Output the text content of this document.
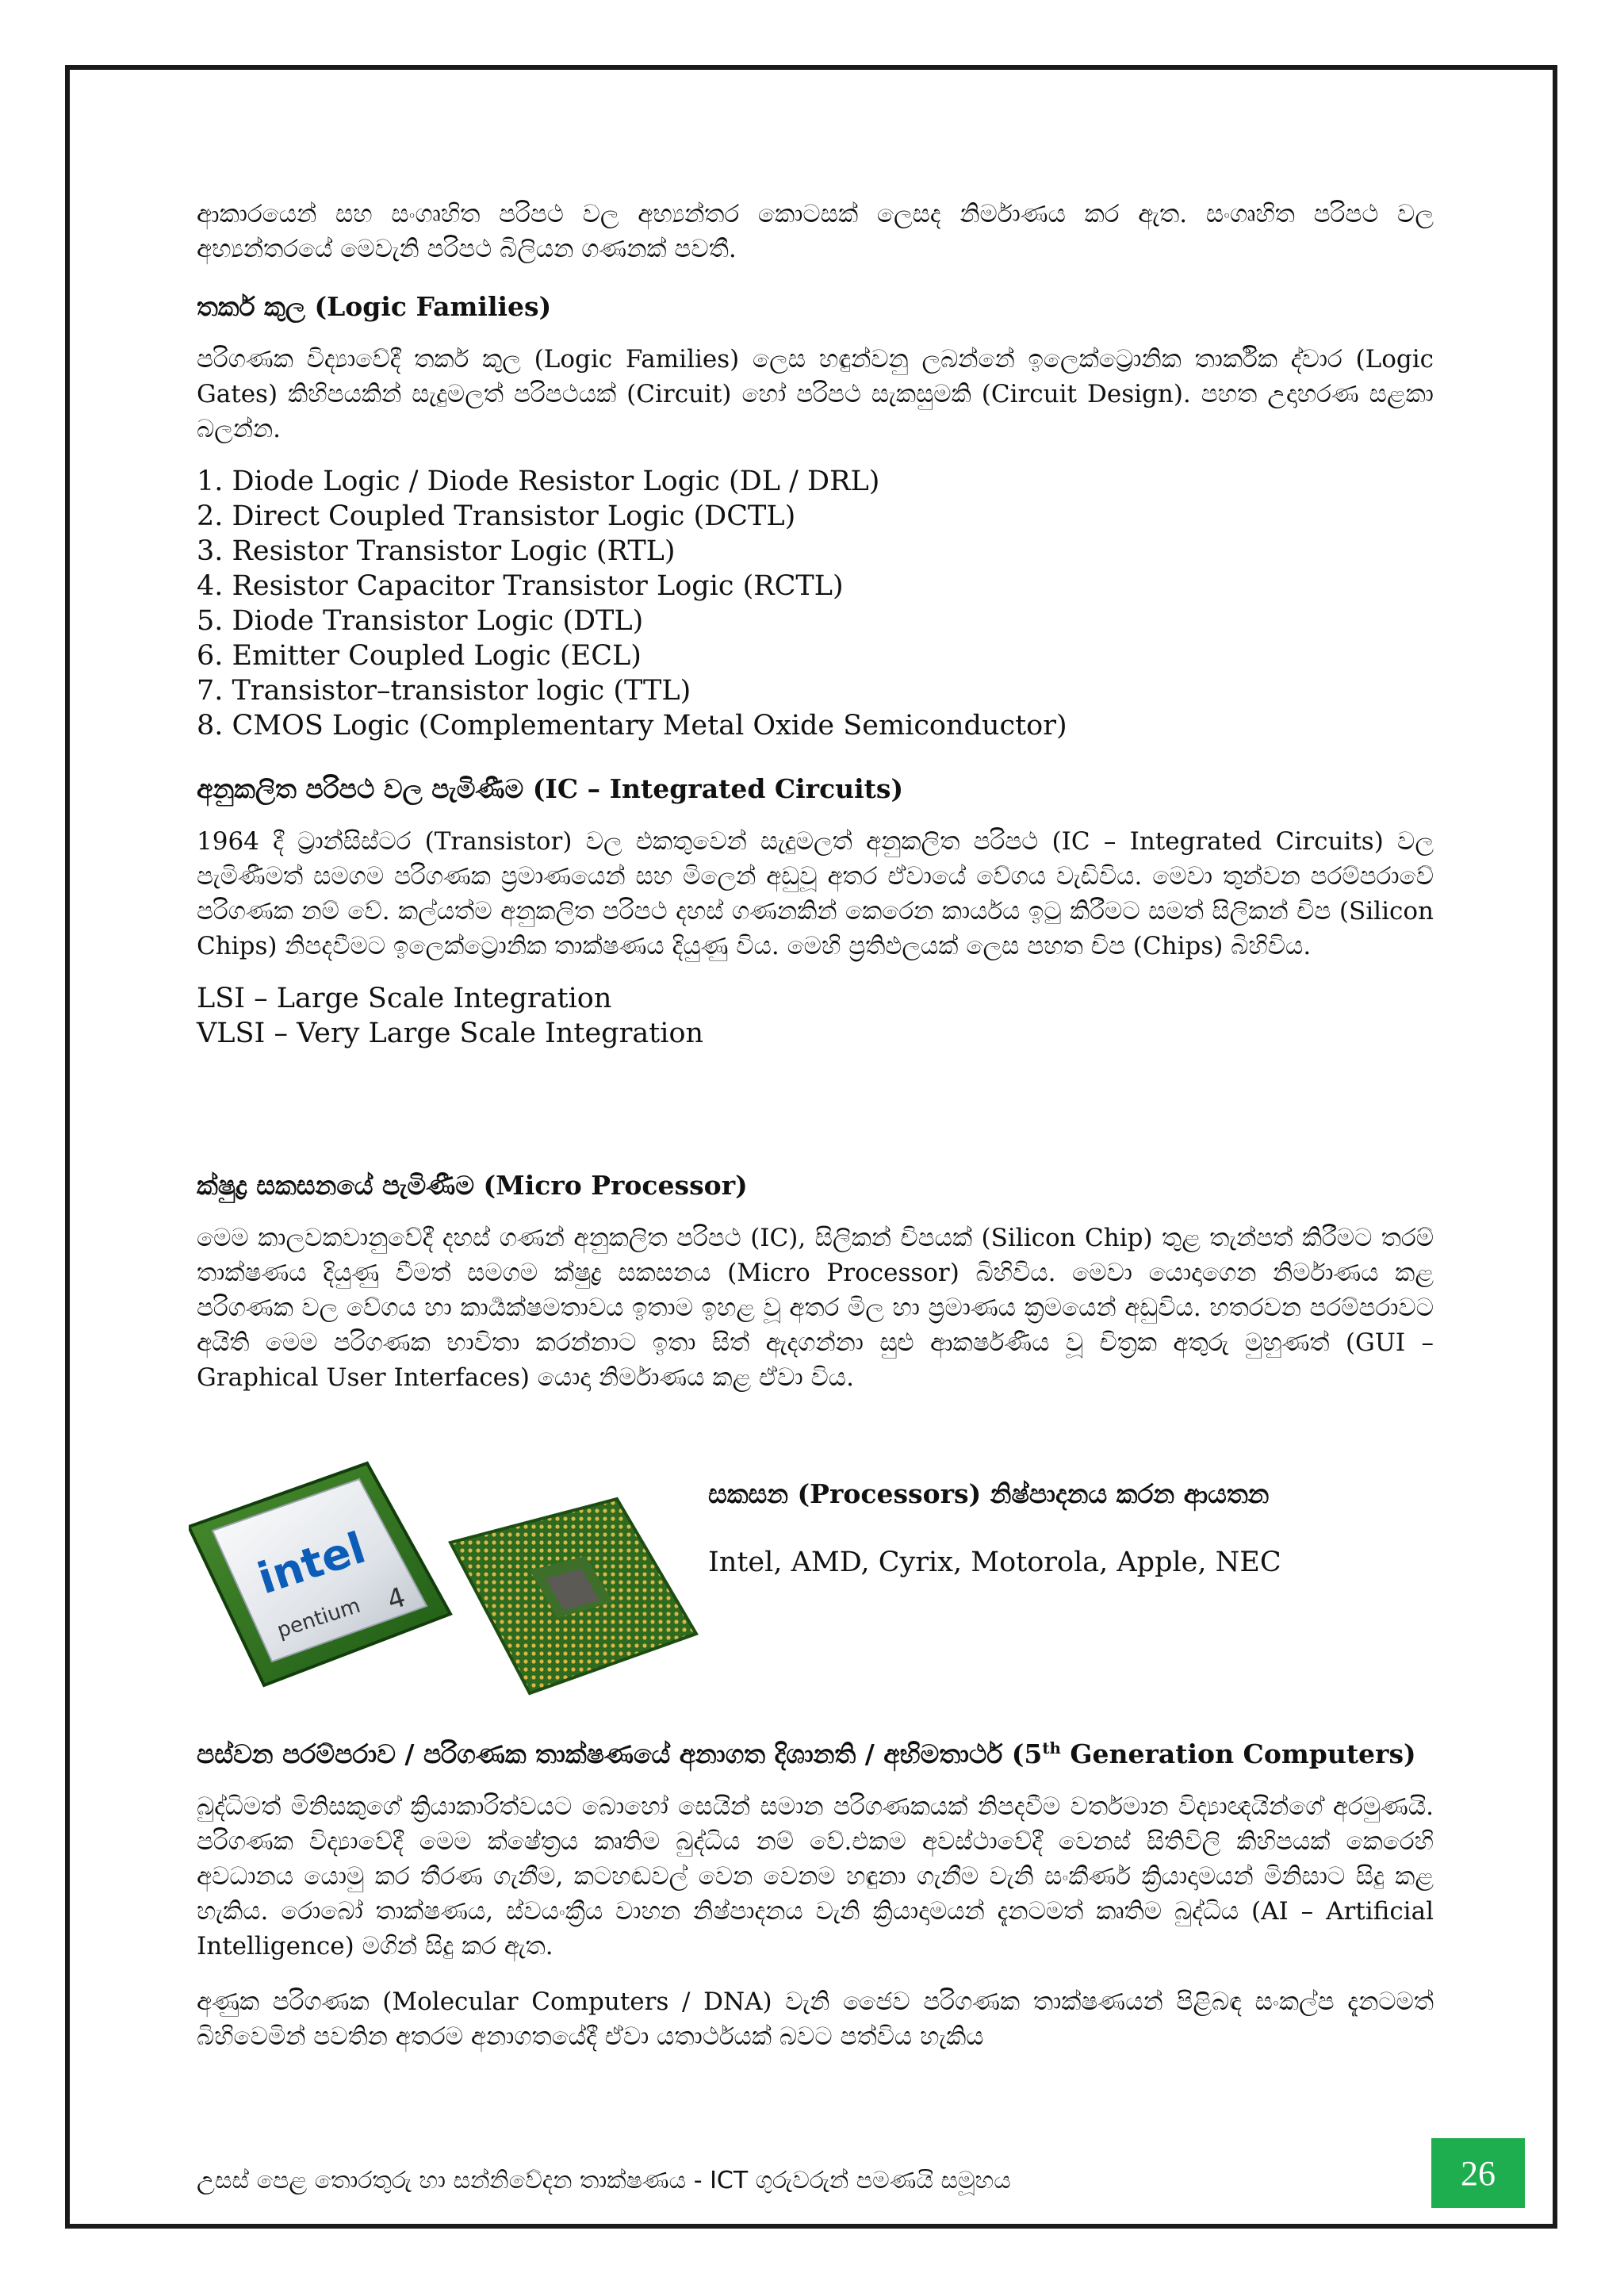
ආකාරයෙන් සහ සංගෘහිත පරිපථ වල අභ්‍යන්තර කොටසක් ලෙසද නිර්මාණය කර ඇත. සංගෘහිත පරිපථ වල අභ්‍යන්තරයේ මෙවැනි පරිපථ බිලියන ගණනක් පවතී.

තර්ක කුල (Logic Families)

පරිගණක විද්‍යාවේදී තර්ක කුල (Logic Families) ලෙස හඳුන්වනු ලබන්නේ ඉලෙක්ට්‍රොනික තාර්කික ද්වාර (Logic Gates) කිහිපයකින් සැදුමලත් පරිපථයක් (Circuit) හෝ පරිපථ සැකසුමකි (Circuit Design). පහත උදාහරණ සළකා බලන්න.

1. Diode Logic / Diode Resistor Logic (DL / DRL)
2. Direct Coupled Transistor Logic (DCTL)
3. Resistor Transistor Logic (RTL)
4. Resistor Capacitor Transistor Logic (RCTL)
5. Diode Transistor Logic (DTL)
6. Emitter Coupled Logic (ECL)
7. Transistor–transistor logic (TTL)
8. CMOS Logic (Complementary Metal Oxide Semiconductor)

අනුකලිත පරිපථ වල පැමිණීම (IC – Integrated Circuits)

1964 දී ට්‍රාන්සිස්ටර (Transistor) වල එකතුවෙන් සැදුමලත් අනුකලිත පරිපථ (IC – Integrated Circuits) වල පැමිණීමත් සමගම පරිගණක ප්‍රමාණයෙන් සහ මිලෙන් අඩුවූ අතර ඒවායේ වේගය වැඩිවිය. මෙවා තුන්වන පරම්පරාවේ පරිගණක නම් වේ. කල්යත්ම අනුකලිත පරිපථ දහස් ගණනකින් කෙරෙන කාර්යය ඉටු කිරීමට සමත් සිලිකන් චිප (Silicon Chips) නිපදවීමට ඉලෙක්ට්‍රොනික තාක්ෂණය දියුණු විය. මෙහි ප්‍රතිඵලයක් ලෙස පහත චිප (Chips) බිහිවිය.

LSI – Large Scale Integration
VLSI – Very Large Scale Integration

ක්ෂුද්‍ර සකසනයේ පැමිණීම (Micro Processor)

මෙම කාලවකවානුවේදී දහස් ගණන් අනුකලිත පරිපථ (IC), සිලිකන් චිපයක් (Silicon Chip) තුළ තැන්පත් කිරීමට තරම් තාක්ෂණය දියුණු වීමත් සමගම ක්ෂුද්‍ර සකසනය (Micro Processor) බිහිවිය. මෙවා යොදාගෙන නිර්මාණය කළ පරිගණක වල වේගය හා කාර්‍යක්ෂමතාවය ඉතාම ඉහළ වූ අතර මිල හා ප්‍රමාණය ක්‍රමයෙන් අඩුවිය. හතරවන පරම්පරාවට අයිති මෙම පරිගණක භාවිතා කරන්නාට ඉතා සිත් ඇදගන්නා සුළු ආකර්ෂණීය වූ චිත්‍රක අතුරු මුහුණත් (GUI – Graphical User Interfaces) යොදා නිර්මාණය කළ ඒවා විය.

intel
pentium 4

සකසන (Processors) නිෂ්පාදනය කරන ආයතන

Intel, AMD, Cyrix, Motorola, Apple, NEC

පස්වන පරම්පරාව / පරිගණක තාක්ෂණයේ අනාගත දිශානති / අභිමතාර්ථ (5th Generation Computers)

බුද්ධිමත් මිනිසකුගේ ක්‍රියාකාරිත්වයට බොහෝ සෙයින් සමාන පරිගණකයක් නිපදවීම වර්තමාන විද්‍යාඥයින්ගේ අරමුණයි. පරිගණක විද්‍යාවේදී මෙම ක්ෂේත්‍රය කෘතිම බුද්ධිය නම් වේ.එකම අවස්ථාවේදී වෙනස් සිතිවිලි කිහිපයක් කෙරෙහි අවධානය යොමු කර තීරණ ගැනීම, කටහඬවල් වෙන වෙනම හඳුනා ගැනීම වැනි සංකීර්ණ ක්‍රියාදාමයන් මිනිසාට සිදු කළ හැකිය. රොබෝ තාක්ෂණය, ස්වයංක්‍රීය වාහන නිෂ්පාදනය වැනි ක්‍රියාදාමයන් දැනටමත් කෘතිම බුද්ධිය (AI – Artificial Intelligence) මගින් සිදු කර ඇත.

අණුක පරිගණක (Molecular Computers / DNA) වැනි ජෛව පරිගණක තාක්ෂණයන් පිළිබඳ සංකල්ප දැනටමත් බිහිවෙමින් පවතින අතරම අනාගතයේදී ඒවා යතාර්ථයක් බවට පත්විය හැකිය

උසස් පෙළ තොරතුරු හා සන්නිවේදන තාක්ෂණය - ICT ගුරුවරුන් පමණයි සමූහය	26
